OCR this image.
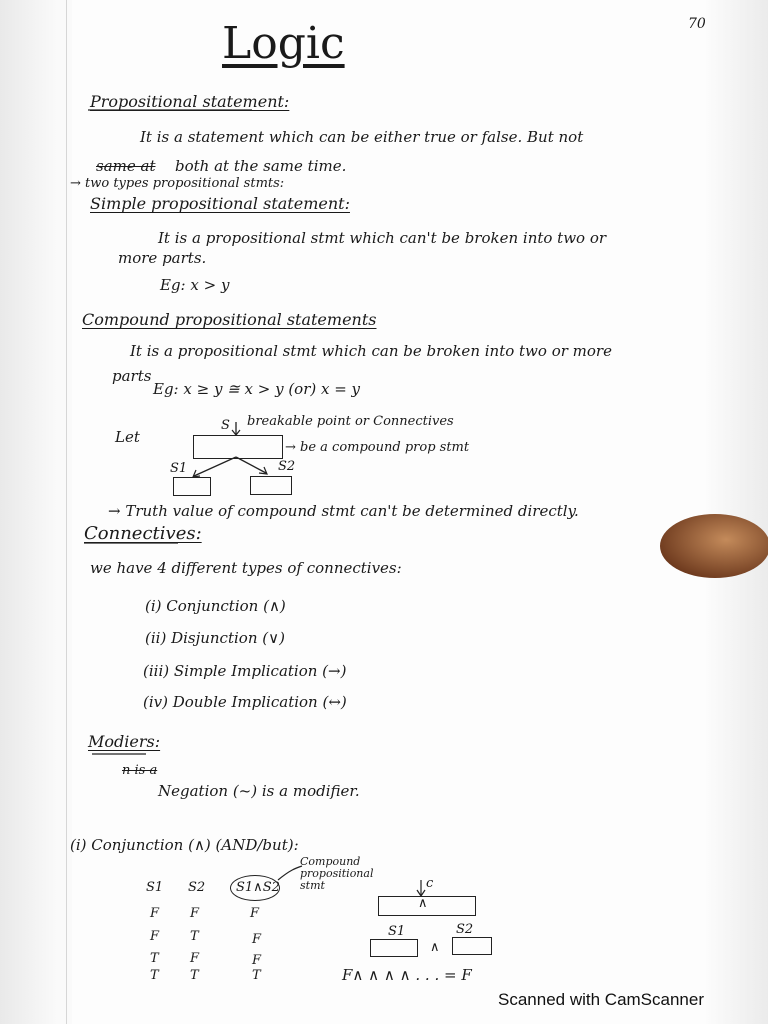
70
Logic
Propositional statement:
It is a statement which can be either true or false. But not
same at both at the same time.
→ two types propositional stmts:
Simple propositional statement:
It is a propositional stmt which can't be broken into two or
more parts.
Eg: x > y
Compound propositional statements
It is a propositional stmt which can be broken into two or more
parts
Eg: x ≥ y ≅ x > y (or) x = y
Let
S breakable point or Connectives
→ be a compound prop stmt
S1	S2
→ Truth value of compound stmt can't be determined directly.
Connectives:
we have 4 different types of connectives:
(i) Conjunction (∧)
(ii) Disjunction (∨)
(iii) Simple Implication (→)
(iv) Double Implication (↔)
Modiers:
n is a
Negation (~) is a modifier.
(i) Conjunction (∧) (AND/but):
S1 S2 S1∧S2
Compound propositional stmt
F F	F
F T	F
T F	F
T T	T
c
∧
S1	S2
∧
F∧ ∧ ∧ ∧ . . . = F
Scanned with CamScanner
